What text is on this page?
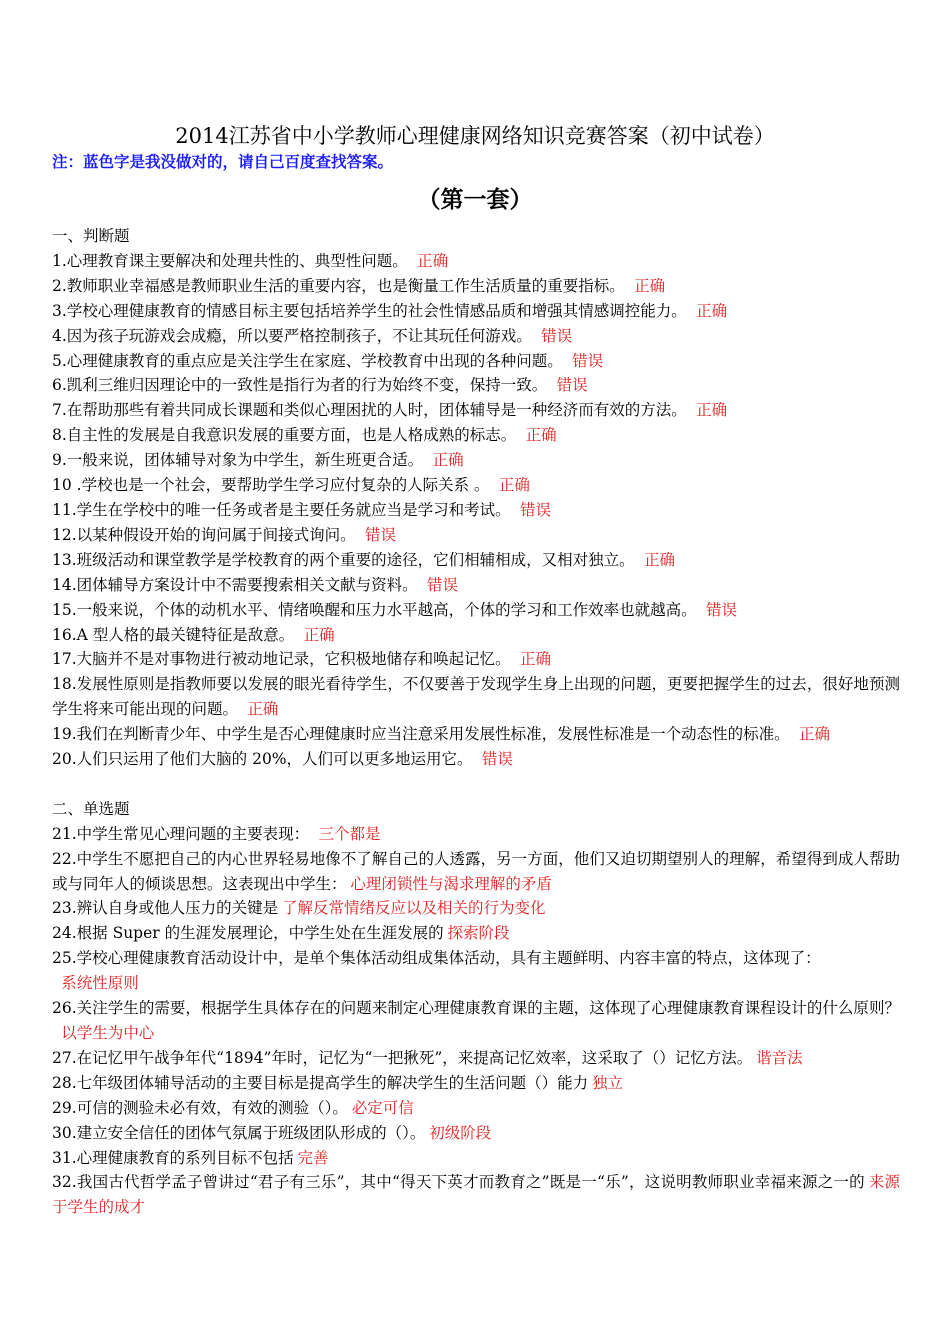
2014江苏省中小学教师心理健康网络知识竞赛答案（初中试卷）
注：蓝色字是我没做对的，请自己百度查找答案。
（第一套）
一、判断题
1.心理教育课主要解决和处理共性的、典型性问题。 正确
2.教师职业幸福感是教师职业生活的重要内容，也是衡量工作生活质量的重要指标。 正确
3.学校心理健康教育的情感目标主要包括培养学生的社会性情感品质和增强其情感调控能力。 正确
4.因为孩子玩游戏会成瘾，所以要严格控制孩子，不让其玩任何游戏。 错误
5.心理健康教育的重点应是关注学生在家庭、学校教育中出现的各种问题。 错误
6.凯利三维归因理论中的一致性是指行为者的行为始终不变，保持一致。 错误
7.在帮助那些有着共同成长课题和类似心理困扰的人时，团体辅导是一种经济而有效的方法。 正确
8.自主性的发展是自我意识发展的重要方面，也是人格成熟的标志。 正确
9.一般来说，团体辅导对象为中学生，新生班更合适。 正确
10 .学校也是一个社会，要帮助学生学习应付复杂的人际关系 。 正确
11.学生在学校中的唯一任务或者是主要任务就应当是学习和考试。 错误
12.以某种假设开始的询问属于间接式询问。 错误
13.班级活动和课堂教学是学校教育的两个重要的途径，它们相辅相成，又相对独立。 正确
14.团体辅导方案设计中不需要搜索相关文献与资料。 错误
15.一般来说，个体的动机水平、情绪唤醒和压力水平越高，个体的学习和工作效率也就越高。 错误
16.A 型人格的最关键特征是敌意。 正确
17.大脑并不是对事物进行被动地记录，它积极地储存和唤起记忆。 正确
18.发展性原则是指教师要以发展的眼光看待学生，不仅要善于发现学生身上出现的问题，更要把握学生的过去，很好地预测学生将来可能出现的问题。 正确
19.我们在判断青少年、中学生是否心理健康时应当注意采用发展性标准，发展性标准是一个动态性的标准。 正确
20.人们只运用了他们大脑的 20%，人们可以更多地运用它。 错误
二、单选题
21.中学生常见心理问题的主要表现： 三个都是
22.中学生不愿把自己的内心世界轻易地像不了解自己的人透露，另一方面，他们又迫切期望别人的理解，希望得到成人帮助或与同年人的倾谈思想。这表现出中学生： 心理闭锁性与渴求理解的矛盾
23.辨认自身或他人压力的关键是 了解反常情绪反应以及相关的行为变化
24.根据 Super 的生涯发展理论，中学生处在生涯发展的 探索阶段
25.学校心理健康教育活动设计中，是单个集体活动组成集体活动，具有主题鲜明、内容丰富的特点，这体现了：
系统性原则
26.关注学生的需要，根据学生具体存在的问题来制定心理健康教育课的主题，这体现了心理健康教育课程设计的什么原则？以学生为中心
27.在记忆甲午战争年代“1894”年时，记忆为“一把揪死”，来提高记忆效率，这采取了（）记忆方法。 谐音法
28.七年级团体辅导活动的主要目标是提高学生的解决学生的生活问题（）能力 独立
29.可信的测验未必有效，有效的测验（）。 必定可信
30.建立安全信任的团体气氛属于班级团队形成的（）。 初级阶段
31.心理健康教育的系列目标不包括 完善
32.我国古代哲学孟子曾讲过“君子有三乐”，其中“得天下英才而教育之”既是一“乐”，这说明教师职业幸福来源之一的 来源于学生的成才
